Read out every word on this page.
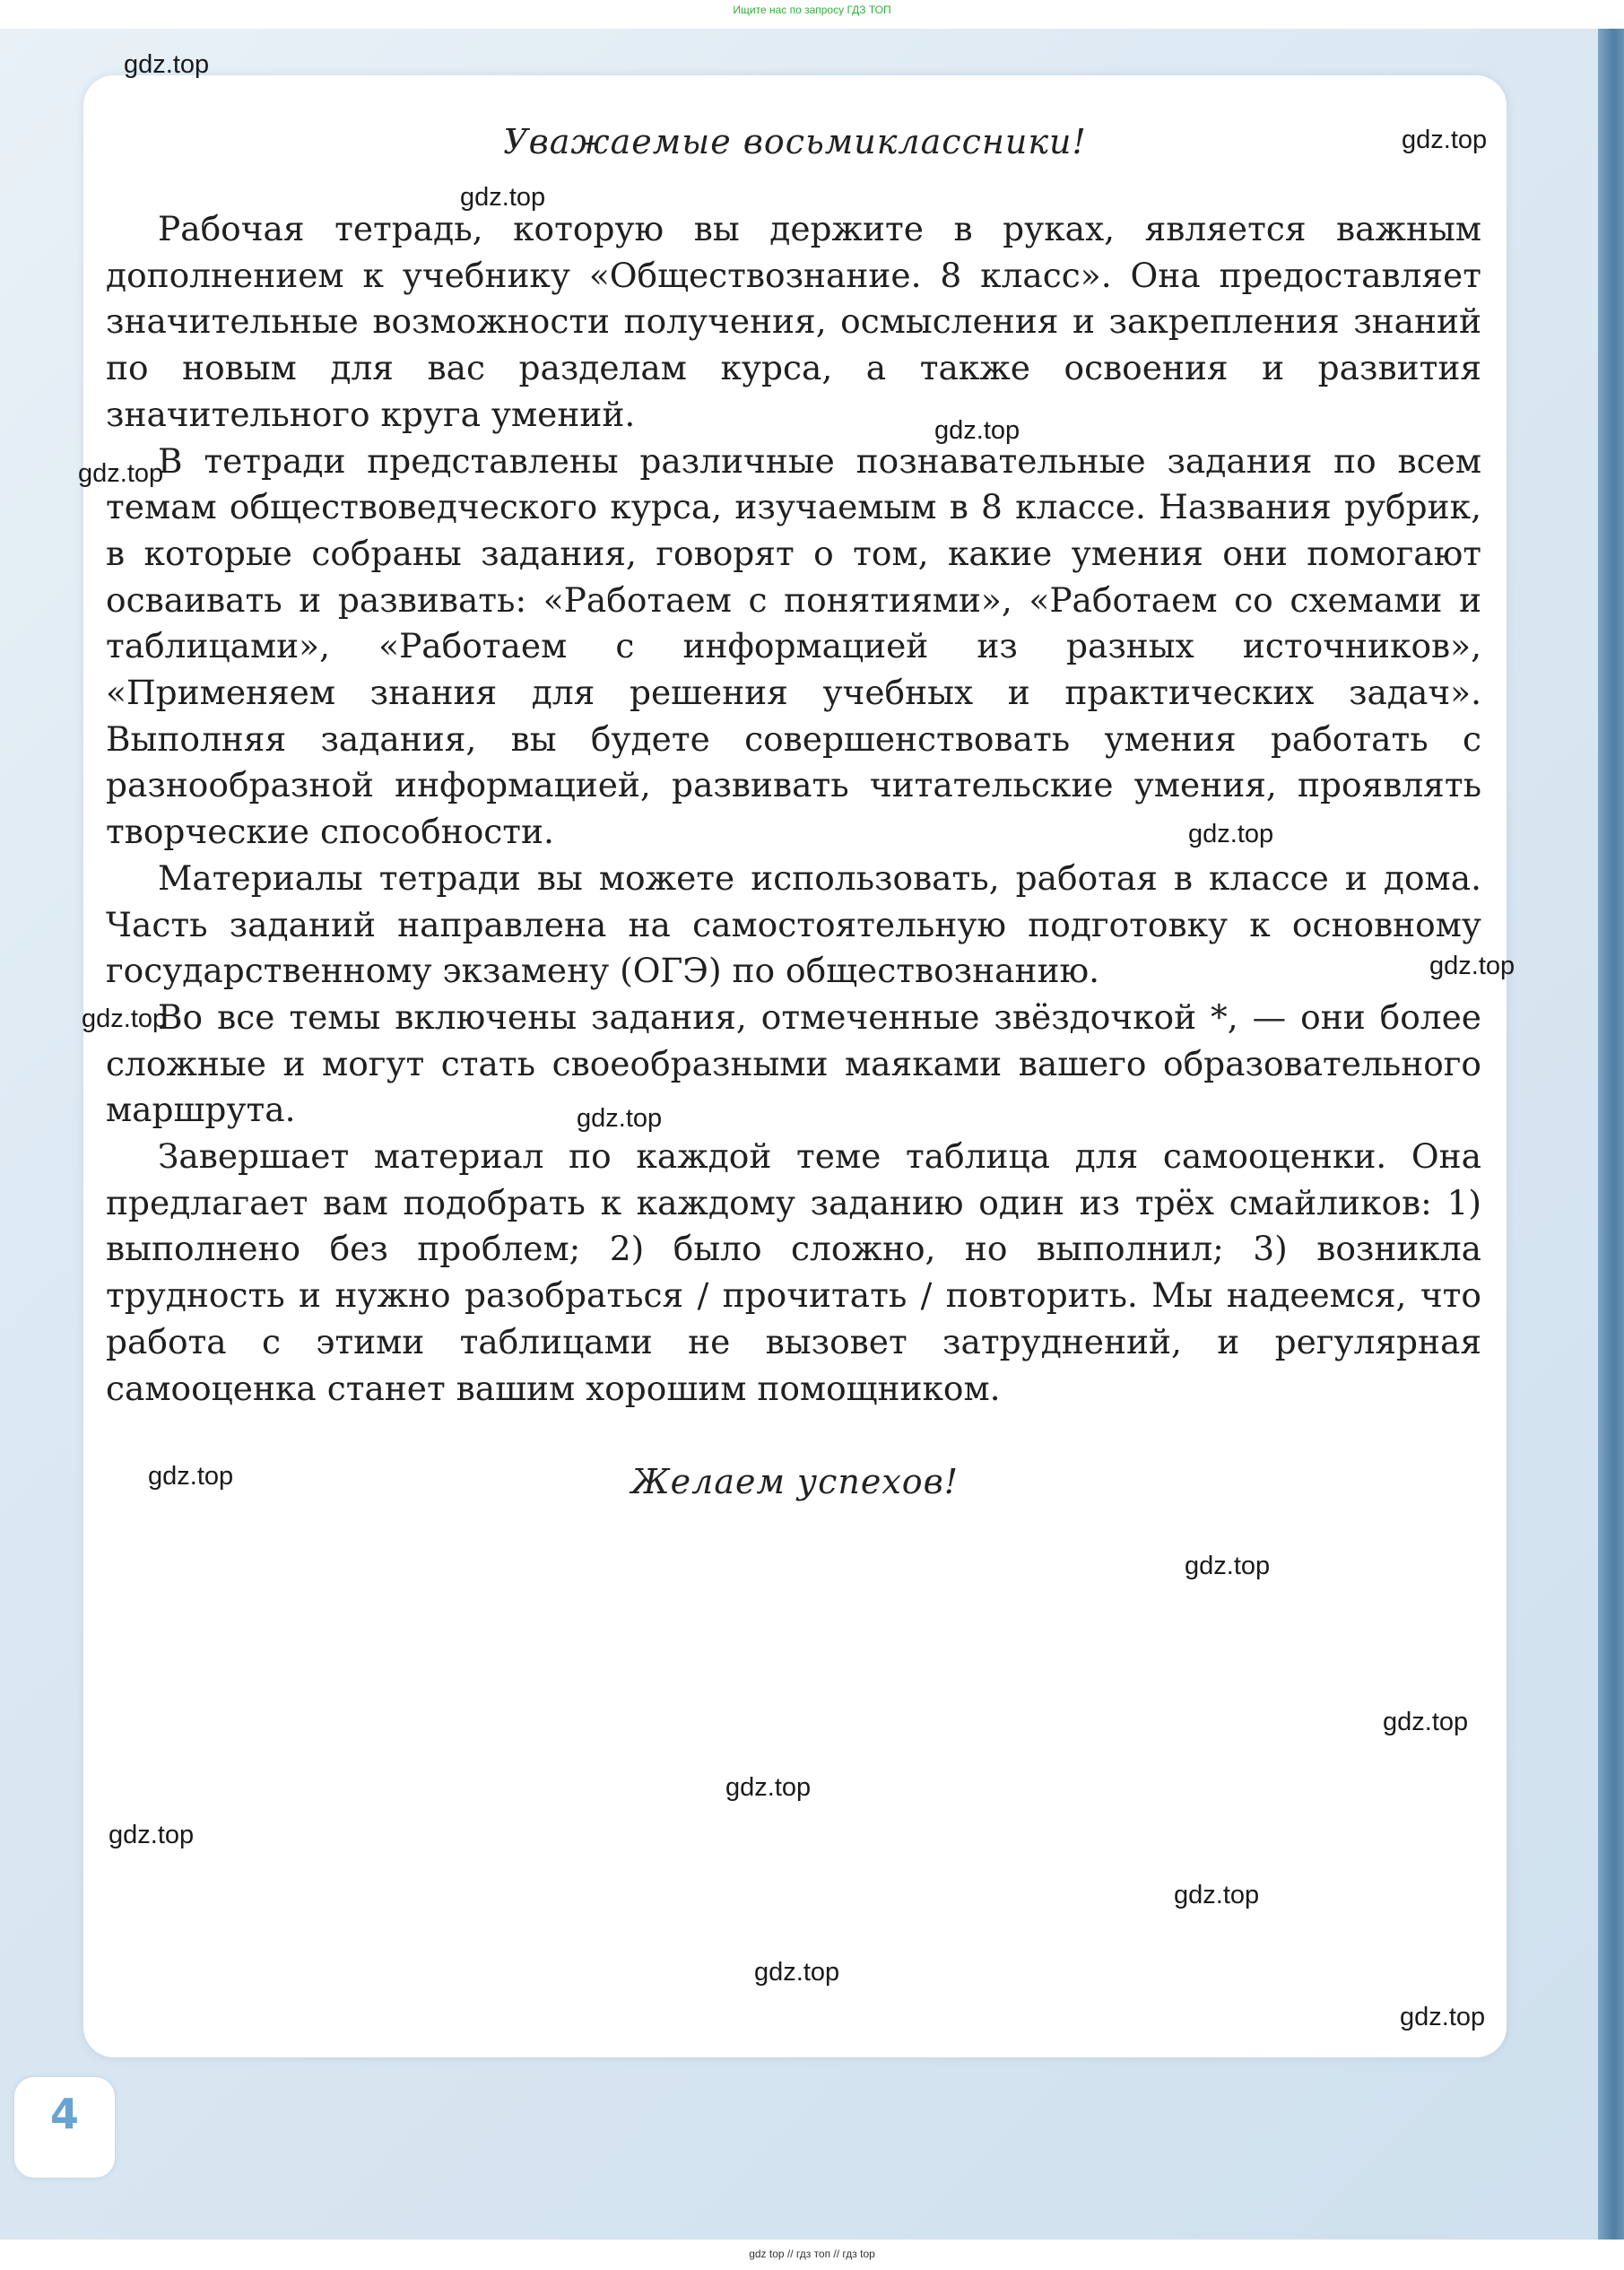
Ищите нас по запросу ГДЗ ТОП
Уважаемые восьмиклассники!

Рабочая тетрадь, которую вы держите в руках, является важным дополнением к учебнику «Обществознание. 8 класс». Она предоставляет значительные возможности получения, осмысления и закрепления знаний по новым для вас разделам курса, а также освоения и развития значительного круга умений.

В тетради представлены различные познавательные задания по всем темам обществоведческого курса, изучаемым в 8 классе. Названия рубрик, в которые собраны задания, говорят о том, какие умения они помогают осваивать и развивать: «Работаем с понятиями», «Работаем со схемами и таблицами», «Работаем с информацией из разных источников», «Применяем знания для решения учебных и практических задач». Выполняя задания, вы будете совершенствовать умения работать с разнообразной информацией, развивать читательские умения, проявлять творческие способности.

Материалы тетради вы можете использовать, работая в классе и дома. Часть заданий направлена на самостоятельную подготовку к основному государственному экзамену (ОГЭ) по обществознанию.

Во все темы включены задания, отмеченные звёздочкой *, — они более сложные и могут стать своеобразными маяками вашего образовательного маршрута.

Завершает материал по каждой теме таблица для самооценки. Она предлагает вам подобрать к каждому заданию один из трёх смайликов: 1) выполнено без проблем; 2) было сложно, но выполнил; 3) возникла трудность и нужно разобраться / прочитать / повторить. Мы надеемся, что работа с этими таблицами не вызовет затруднений, и регулярная самооценка станет вашим хорошим помощником.

Желаем успехов!
gdz.top
gdz.top
gdz.top
gdz.top
gdz.top
gdz.top
gdz.top
gdz.top
gdz.top
gdz.top
gdz.top
gdz.top
gdz.top
gdz.top
gdz.top
gdz.top
gdz.top
4
gdz top // гдз топ // гдз top
